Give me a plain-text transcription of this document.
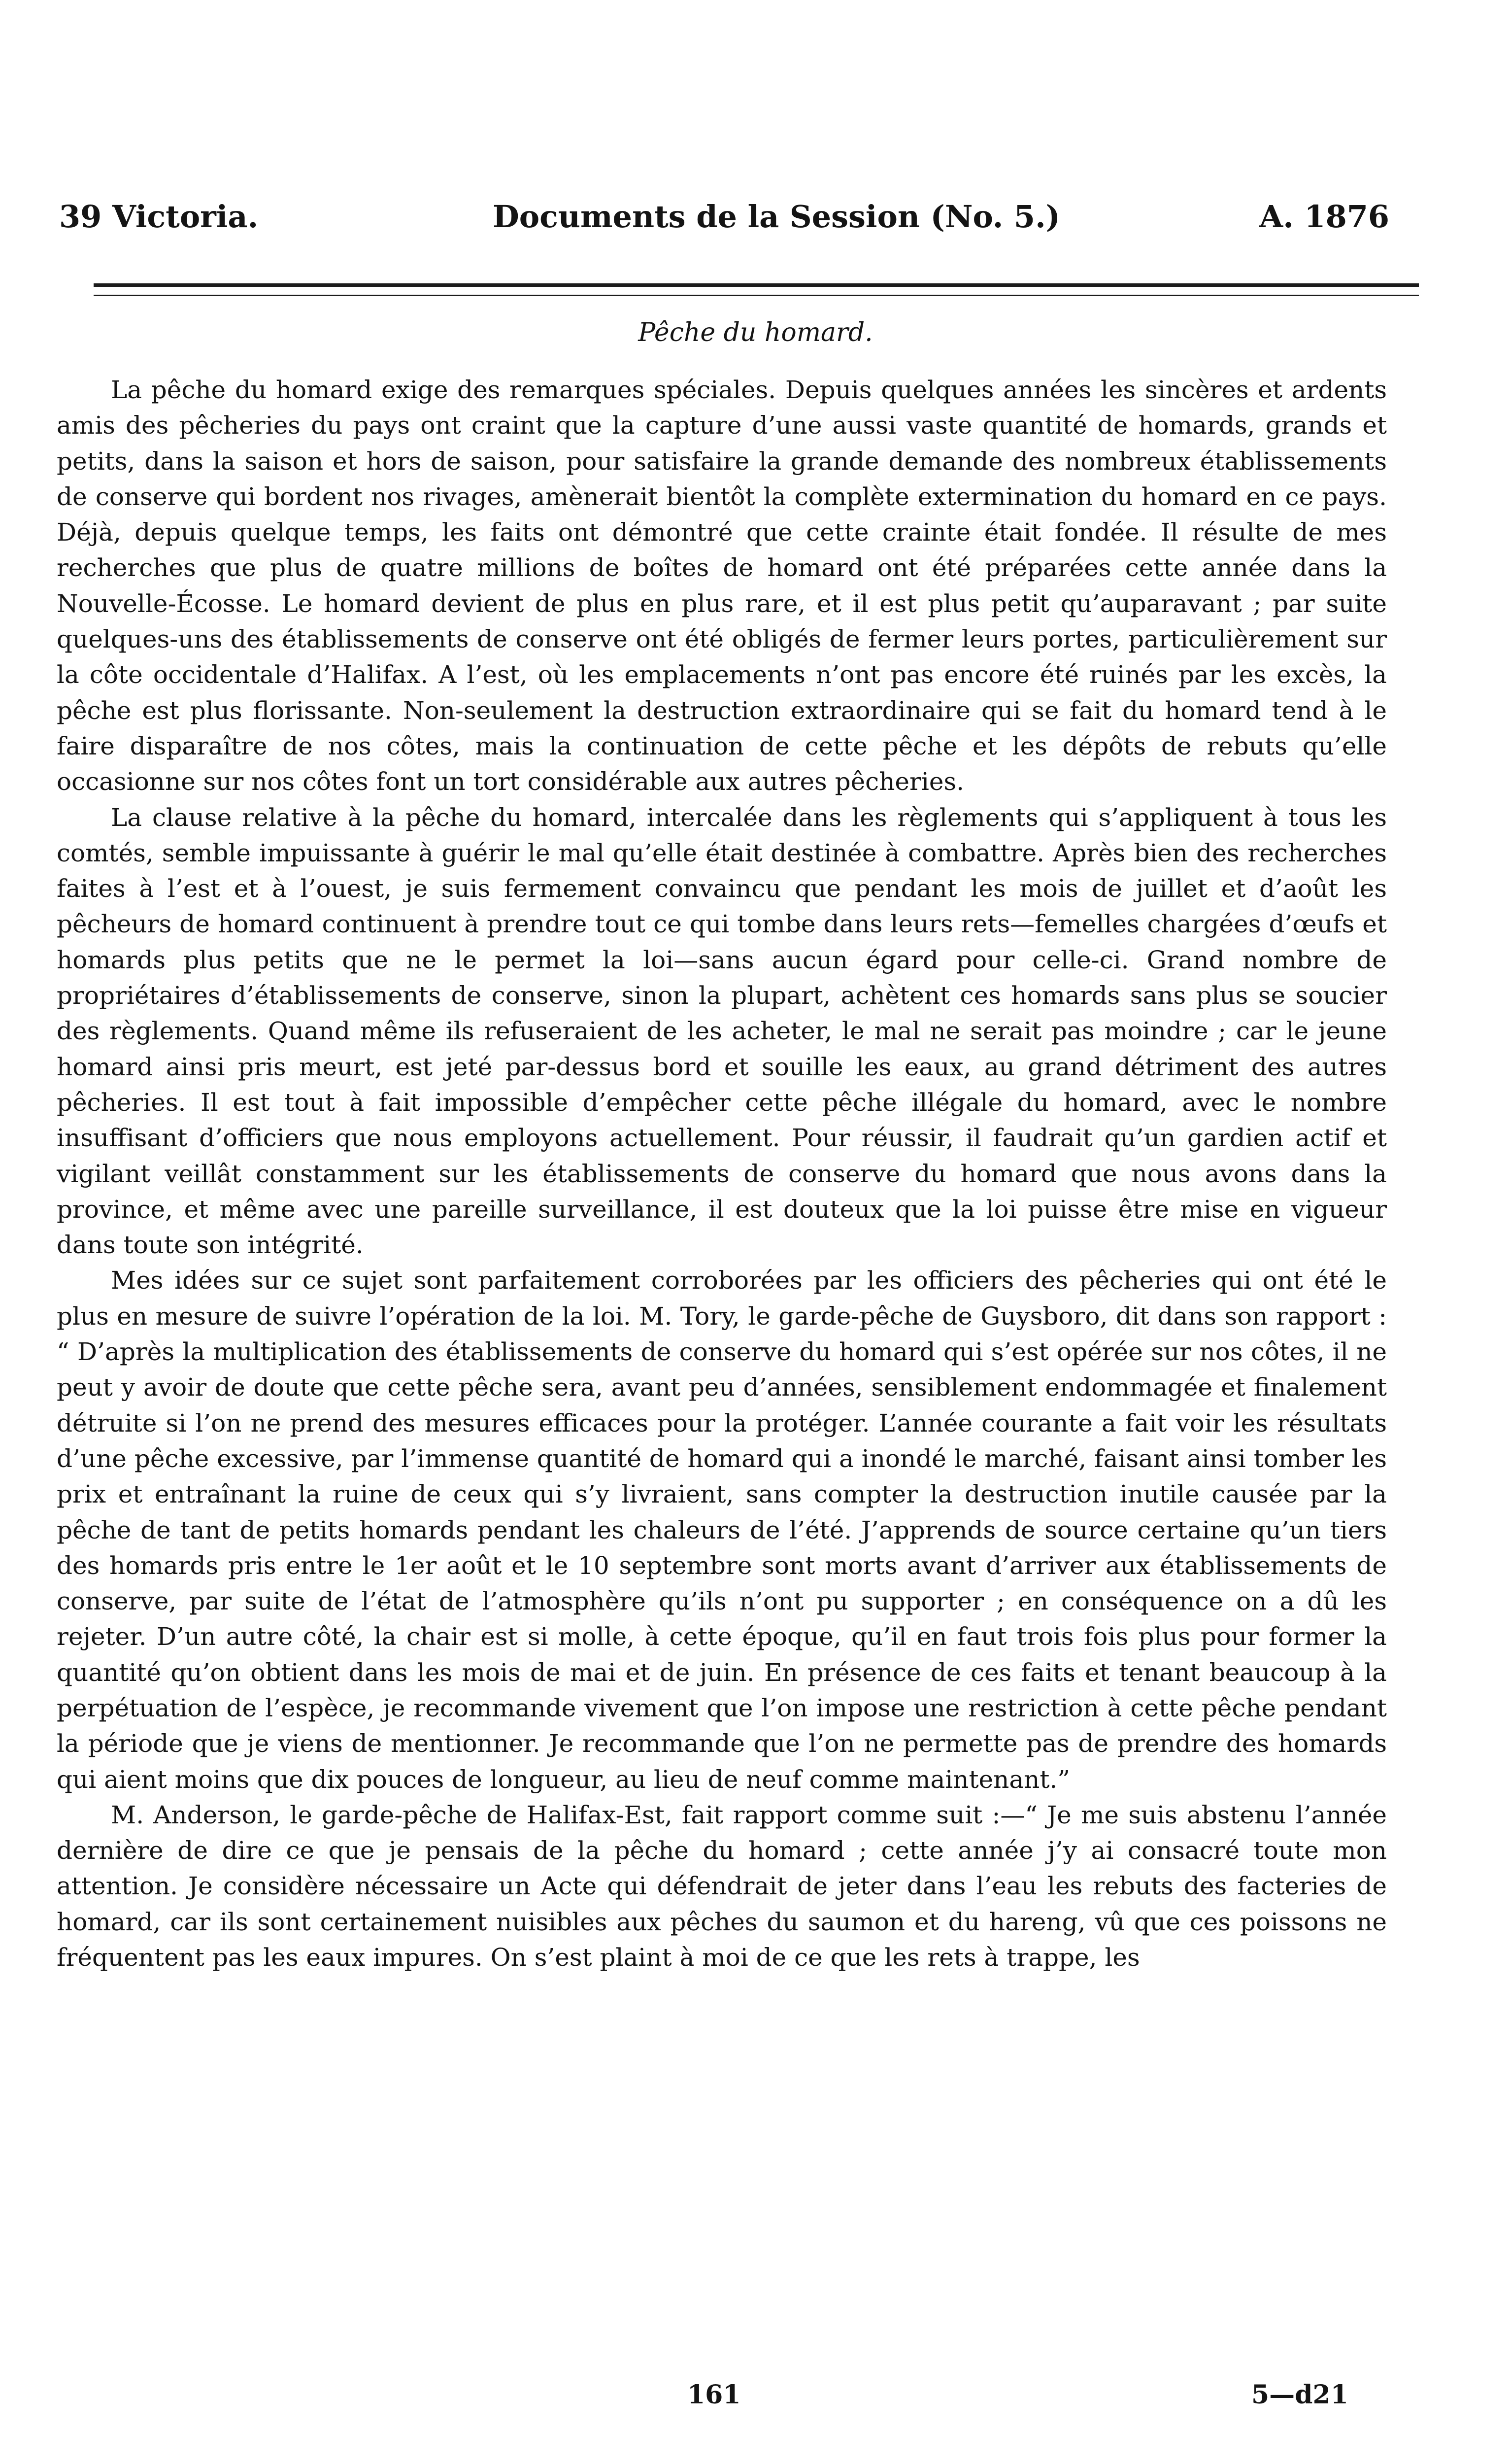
39 Victoria.	Documents de la Session (No. 5.)	A. 1876
Pêche du homard.

La pêche du homard exige des remarques spéciales. Depuis quelques années les sincères et ardents amis des pêcheries du pays ont craint que la capture d’une aussi vaste quantité de homards, grands et petits, dans la saison et hors de saison, pour satisfaire la grande demande des nombreux établissements de conserve qui bordent nos rivages, amènerait bientôt la complète extermination du homard en ce pays. Déjà, depuis quelque temps, les faits ont démontré que cette crainte était fondée. Il résulte de mes recherches que plus de quatre millions de boîtes de homard ont été préparées cette année dans la Nouvelle-Écosse. Le homard devient de plus en plus rare, et il est plus petit qu’auparavant ; par suite quelques-uns des établissements de conserve ont été obligés de fermer leurs portes, particulièrement sur la côte occidentale d’Halifax. A l’est, où les emplacements n’ont pas encore été ruinés par les excès, la pêche est plus florissante. Non-seulement la destruction extraordinaire qui se fait du homard tend à le faire disparaître de nos côtes, mais la continuation de cette pêche et les dépôts de rebuts qu’elle occasionne sur nos côtes font un tort considérable aux autres pêcheries.

La clause relative à la pêche du homard, intercalée dans les règlements qui s’appliquent à tous les comtés, semble impuissante à guérir le mal qu’elle était destinée à combattre. Après bien des recherches faites à l’est et à l’ouest, je suis fermement convaincu que pendant les mois de juillet et d’août les pêcheurs de homard continuent à prendre tout ce qui tombe dans leurs rets—femelles chargées d’œufs et homards plus petits que ne le permet la loi—sans aucun égard pour celle-ci. Grand nombre de propriétaires d’établissements de conserve, sinon la plupart, achètent ces homards sans plus se soucier des règlements. Quand même ils refuseraient de les acheter, le mal ne serait pas moindre ; car le jeune homard ainsi pris meurt, est jeté par-dessus bord et souille les eaux, au grand détriment des autres pêcheries. Il est tout à fait impossible d’empêcher cette pêche illégale du homard, avec le nombre insuffisant d’officiers que nous employons actuellement. Pour réussir, il faudrait qu’un gardien actif et vigilant veillât constamment sur les établissements de conserve du homard que nous avons dans la province, et même avec une pareille surveillance, il est douteux que la loi puisse être mise en vigueur dans toute son intégrité.

Mes idées sur ce sujet sont parfaitement corroborées par les officiers des pêcheries qui ont été le plus en mesure de suivre l’opération de la loi. M. Tory, le garde-pêche de Guysboro, dit dans son rapport : “ D’après la multiplication des établissements de conserve du homard qui s’est opérée sur nos côtes, il ne peut y avoir de doute que cette pêche sera, avant peu d’années, sensiblement endommagée et finalement détruite si l’on ne prend des mesures efficaces pour la protéger. L’année courante a fait voir les résultats d’une pêche excessive, par l’immense quantité de homard qui a inondé le marché, faisant ainsi tomber les prix et entraînant la ruine de ceux qui s’y livraient, sans compter la destruction inutile causée par la pêche de tant de petits homards pendant les chaleurs de l’été. J’apprends de source certaine qu’un tiers des homards pris entre le 1er août et le 10 septembre sont morts avant d’arriver aux établissements de conserve, par suite de l’état de l’atmosphère qu’ils n’ont pu supporter ; en conséquence on a dû les rejeter. D’un autre côté, la chair est si molle, à cette époque, qu’il en faut trois fois plus pour former la quantité qu’on obtient dans les mois de mai et de juin. En présence de ces faits et tenant beaucoup à la perpétuation de l’espèce, je recommande vivement que l’on impose une restriction à cette pêche pendant la période que je viens de mentionner. Je recommande que l’on ne permette pas de prendre des homards qui aient moins que dix pouces de longueur, au lieu de neuf comme maintenant.”

M. Anderson, le garde-pêche de Halifax-Est, fait rapport comme suit :—“ Je me suis abstenu l’année dernière de dire ce que je pensais de la pêche du homard ; cette année j’y ai consacré toute mon attention. Je considère nécessaire un Acte qui défendrait de jeter dans l’eau les rebuts des facteries de homard, car ils sont certainement nuisibles aux pêches du saumon et du hareng, vû que ces poissons ne fréquentent pas les eaux impures. On s’est plaint à moi de ce que les rets à trappe, les

161	5—d21
